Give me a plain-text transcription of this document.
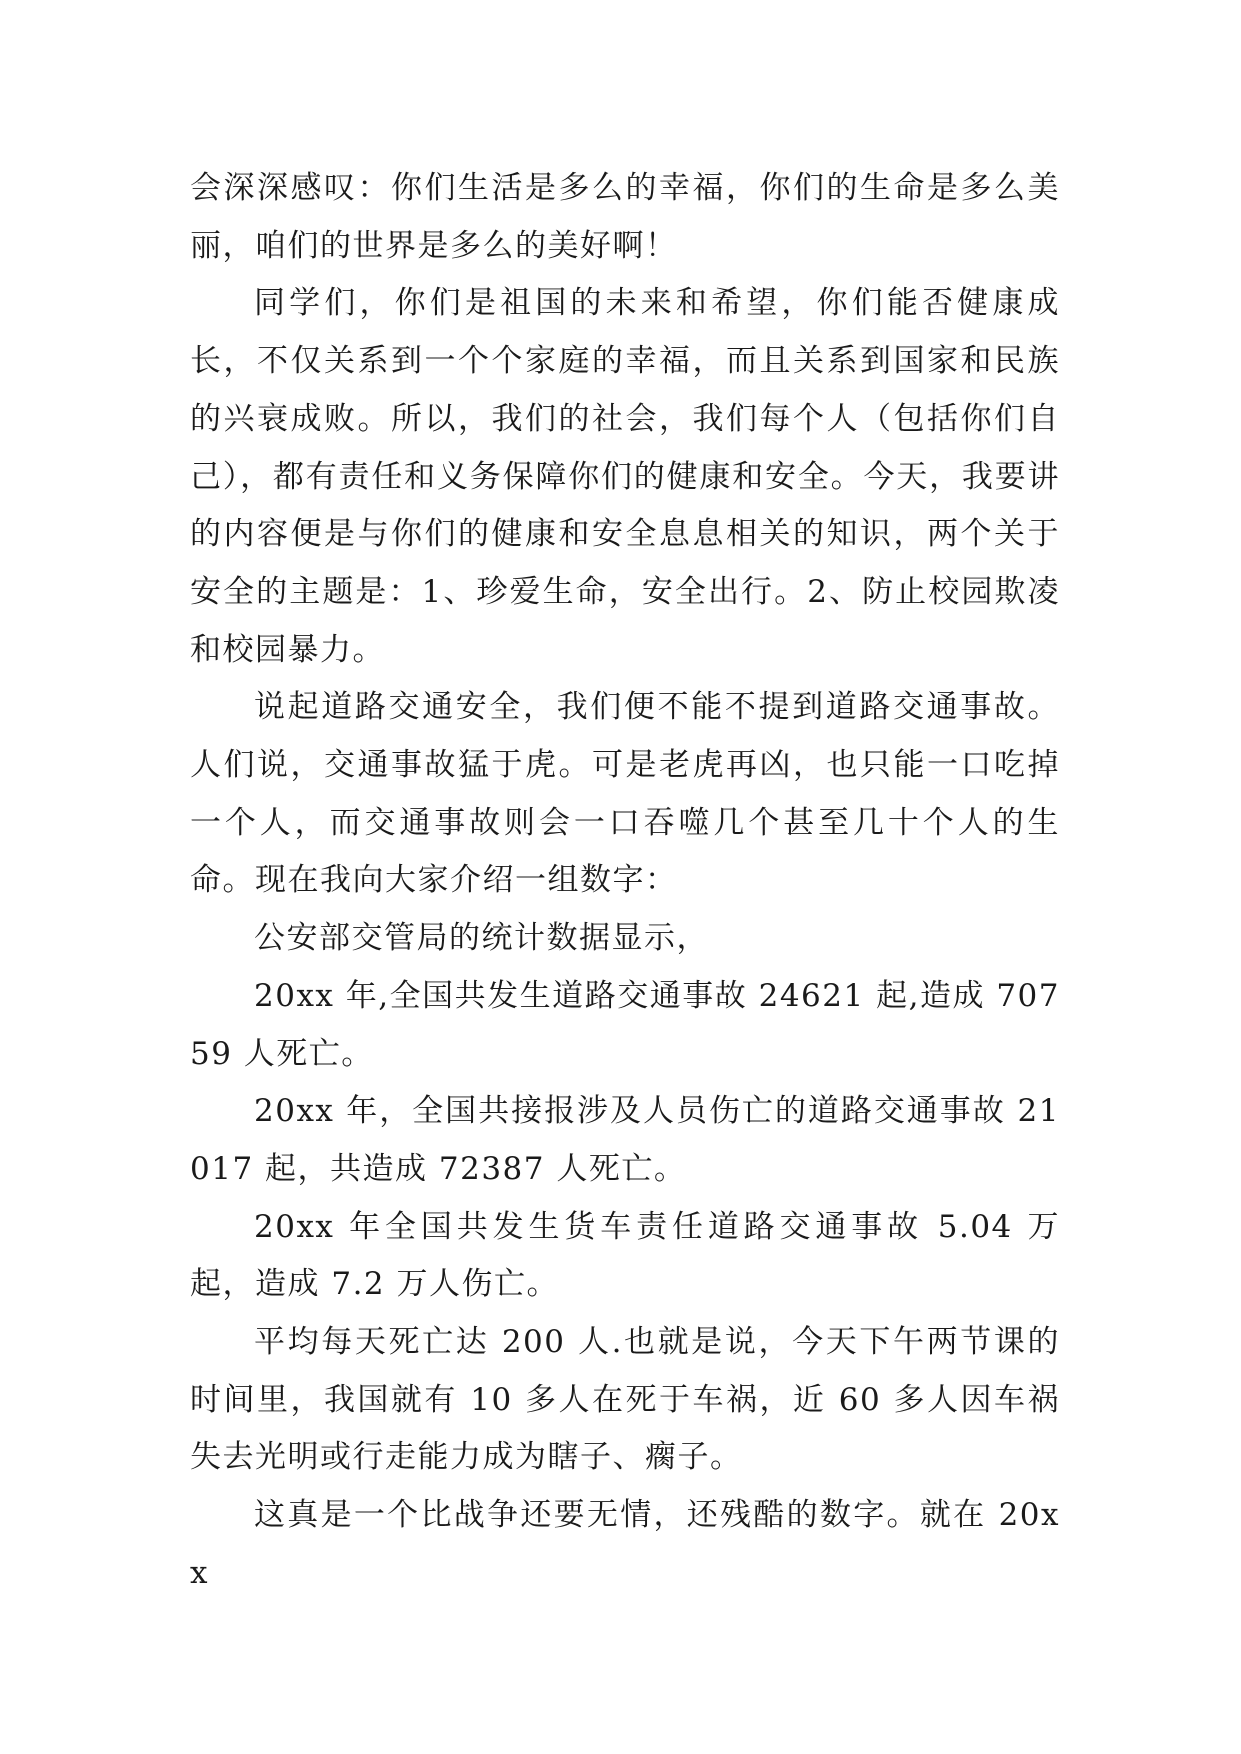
会深深感叹：你们生活是多么的幸福，你们的生命是多么美丽，咱们的世界是多么的美好啊！

同学们，你们是祖国的未来和希望，你们能否健康成长，不仅关系到一个个家庭的幸福，而且关系到国家和民族的兴衰成败。所以，我们的社会，我们每个人（包括你们自己），都有责任和义务保障你们的健康和安全。今天，我要讲的内容便是与你们的健康和安全息息相关的知识，两个关于安全的主题是：1、珍爱生命，安全出行。2、防止校园欺凌和校园暴力。

说起道路交通安全，我们便不能不提到道路交通事故。人们说，交通事故猛于虎。可是老虎再凶，也只能一口吃掉一个人，而交通事故则会一口吞噬几个甚至几十个人的生命。现在我向大家介绍一组数字：

公安部交管局的统计数据显示，

20xx 年,全国共发生道路交通事故 24621 起,造成 70759 人死亡。

20xx 年，全国共接报涉及人员伤亡的道路交通事故 21017 起，共造成 72387 人死亡。

20xx 年全国共发生货车责任道路交通事故 5.04 万起，造成 7.2 万人伤亡。

平均每天死亡达 200 人.也就是说，今天下午两节课的时间里，我国就有 10 多人在死于车祸，近 60 多人因车祸失去光明或行走能力成为瞎子、瘸子。

这真是一个比战争还要无情，还残酷的数字。就在 20xx
